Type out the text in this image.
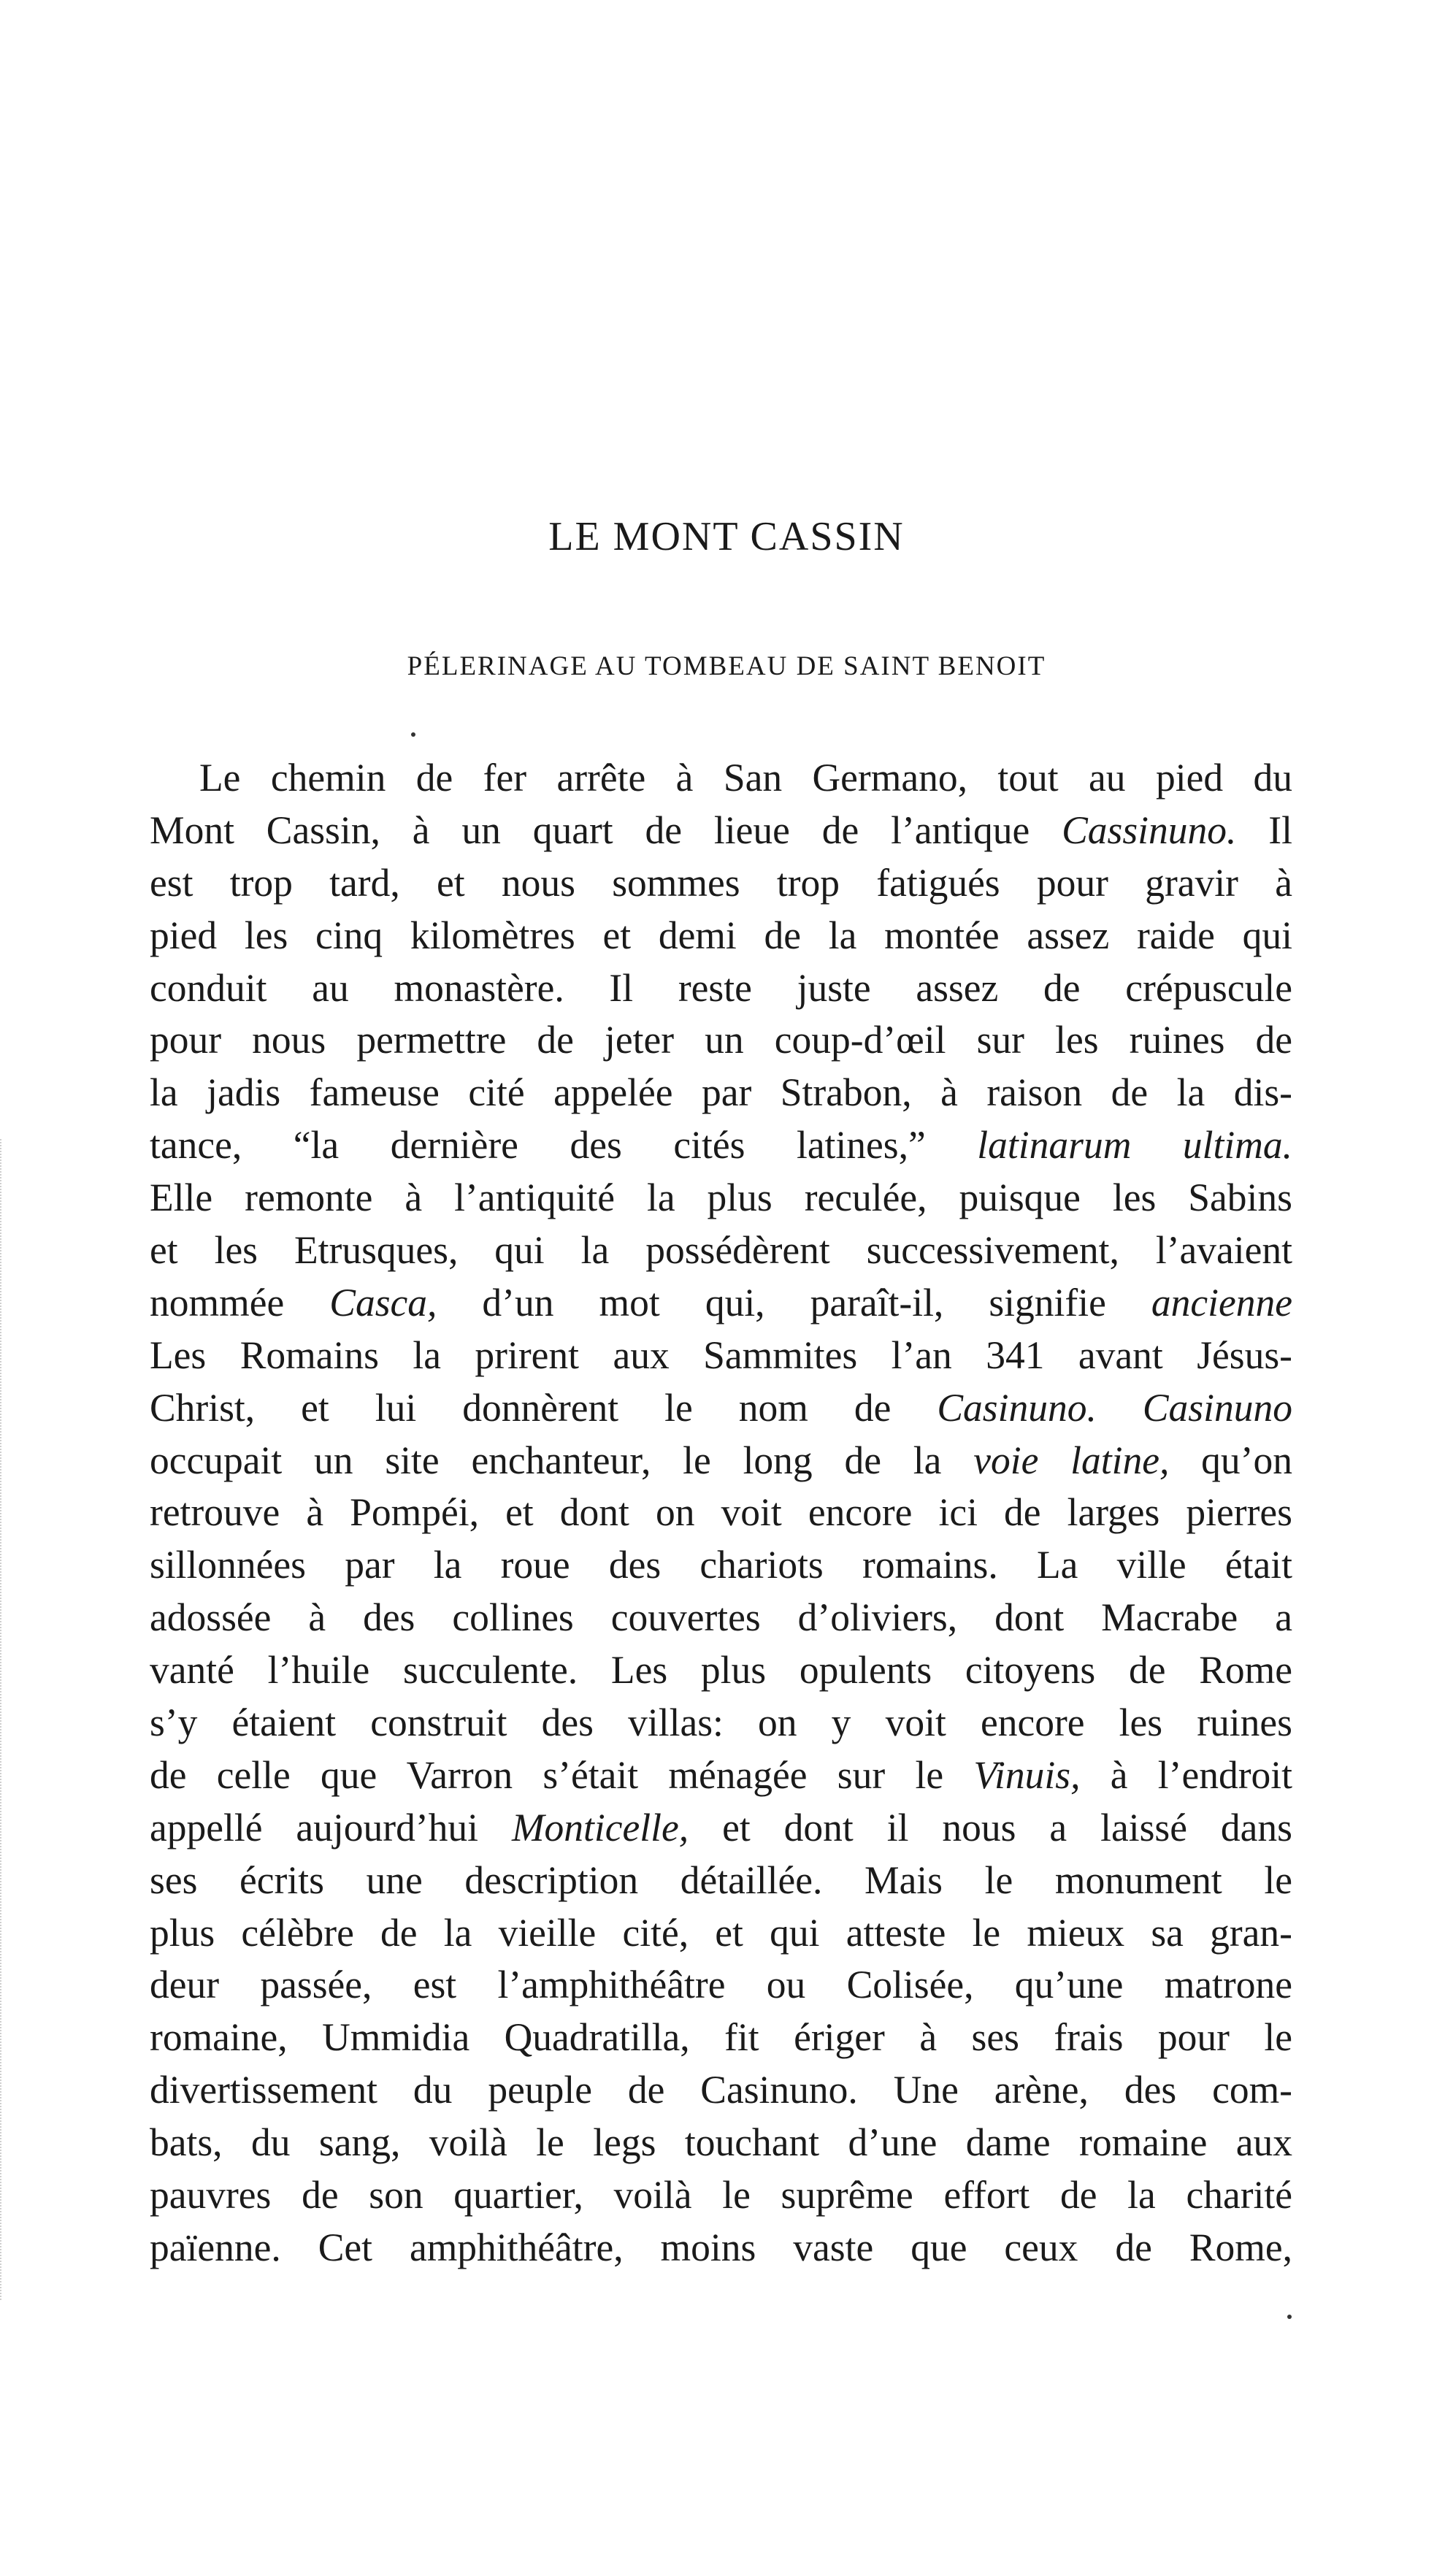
LE MONT CASSIN
PÉLERINAGE AU TOMBEAU DE SAINT BENOIT
Le chemin de fer arrête à San Germano, tout au pied du
Mont Cassin, à un quart de lieue de l’antique Cassinuno. Il
est trop tard, et nous sommes trop fatigués pour gravir à
pied les cinq kilomètres et demi de la montée assez raide qui
conduit au monastère. Il reste juste assez de crépuscule
pour nous permettre de jeter un coup-d’œil sur les ruines de
la jadis fameuse cité appelée par Strabon, à raison de la dis-
tance, “la dernière des cités latines,” latinarum ultima.
Elle remonte à l’antiquité la plus reculée, puisque les Sabins
et les Etrusques, qui la possédèrent successivement, l’avaient
nommée Casca, d’un mot qui, paraît-il, signifie ancienne
Les Romains la prirent aux Sammites l’an 341 avant Jésus-
Christ, et lui donnèrent le nom de Casinuno. Casinuno
occupait un site enchanteur, le long de la voie latine, qu’on
retrouve à Pompéi, et dont on voit encore ici de larges pierres
sillonnées par la roue des chariots romains. La ville était
adossée à des collines couvertes d’oliviers, dont Macrabe a
vanté l’huile succulente. Les plus opulents citoyens de Rome
s’y étaient construit des villas: on y voit encore les ruines
de celle que Varron s’était ménagée sur le Vinuis, à l’endroit
appellé aujourd’hui Monticelle, et dont il nous a laissé dans
ses écrits une description détaillée. Mais le monument le
plus célèbre de la vieille cité, et qui atteste le mieux sa gran-
deur passée, est l’amphithéâtre ou Colisée, qu’une matrone
romaine, Ummidia Quadratilla, fit ériger à ses frais pour le
divertissement du peuple de Casinuno. Une arène, des com-
bats, du sang, voilà le legs touchant d’une dame romaine aux
pauvres de son quartier, voilà le suprême effort de la charité
païenne. Cet amphithéâtre, moins vaste que ceux de Rome,
